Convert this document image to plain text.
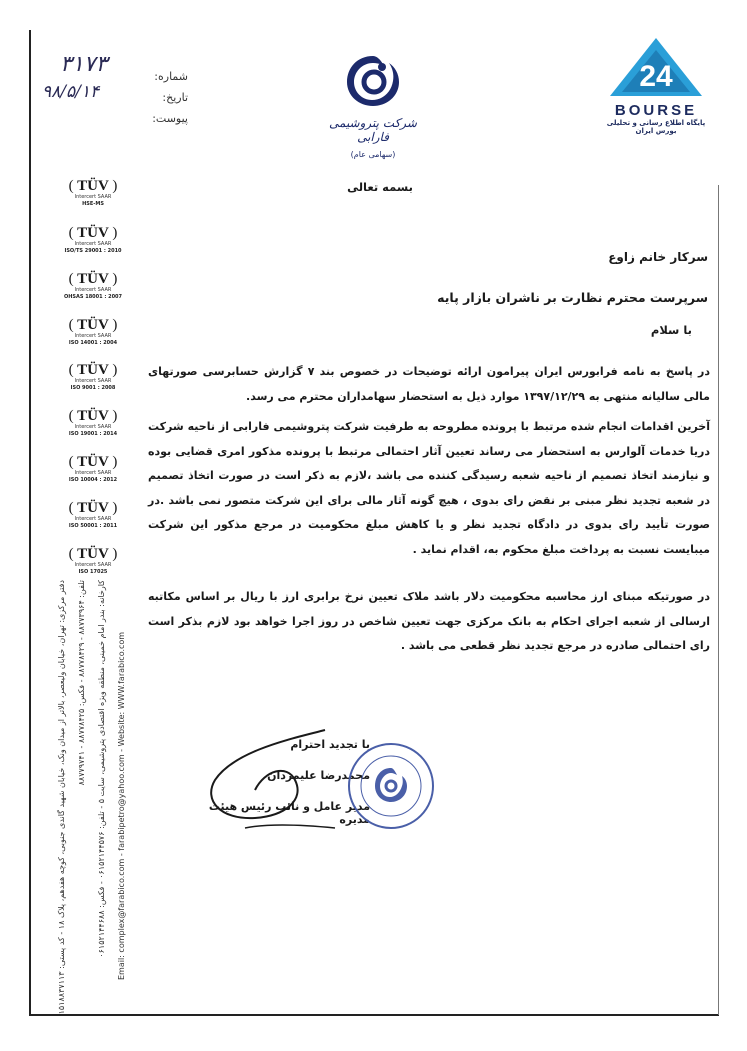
شماره:
تاریخ:
پیوست:
۳۱۷۳
۹۸/۵/۱۴
شرکت پتروشیمی فارابی
(سهامی عام)
24
BOURSE
پایگاه اطلاع رسانی و تحلیلی بورس ایران
( TÜV )
Intercert SAAR
HSE-MS
( TÜV )
Intercert SAAR
ISO/TS 29001 : 2010
( TÜV )
Intercert SAAR
OHSAS 18001 : 2007
( TÜV )
Intercert SAAR
ISO 14001 : 2004
( TÜV )
Intercert SAAR
ISO 9001 : 2008
( TÜV )
Intercert SAAR
ISO 19001 : 2014
( TÜV )
Intercert SAAR
ISO 10004 : 2012
( TÜV )
Intercert SAAR
ISO 50001 : 2011
( TÜV )
Intercert SAAR
ISO 17025
دفتر مرکزی: تهران، خیابان ولیعصر، بالاتر از میدان ونک، خیابان شهید گاندی جنوبی، کوچه هفدهم، پلاک ۱۸ - کد پستی: ۱۵۱۸۸۳۷۱۱۳	تلفن: ۸۸۷۷۳۹۶۴ - ۸۸۷۷۸۴۲۹ - فکس: ۸۸۷۷۸۴۲۵ - ۸۸۷۷۹۷۴۱
کارخانه: بندر امام خمینی، منطقه ویژه اقتصادی پتروشیمی، سایت ۵ - تلفن: ۰۶۱۵۲۱۴۴۵۷۶ - فکس: ۰۶۱۵۲۱۴۴۶۸۸	Email: complex@farabico.com - farabipetro@yahoo.com - Website: WWW.farabico.com
بسمه تعالی
سرکار خانم زاوع
سرپرست محترم نظارت بر ناشران بازار پایه
با سلام
در پاسخ به نامه فرابورس ایران پیرامون ارائه توضیحات در خصوص بند ۷ گزارش حسابرسی صورتهای مالی سالیانه منتهی به ۱۳۹۷/۱۲/۲۹ موارد ذیل به استحضار سهامداران محترم می رسد.
آخرین اقدامات انجام شده مرتبط با پرونده مطروحه به طرفیت شرکت پتروشیمی فارابی از ناحیه شرکت دریا خدمات آلوارس به استحضار می رساند تعیین آثار احتمالی مرتبط با پرونده مذکور امری قضایی بوده و نیازمند اتخاذ تصمیم از ناحیه شعبه رسیدگی کننده می باشد ،لازم به ذکر است در صورت اتخاذ تصمیم در شعبه تجدید نظر مبنی بر نقض رای بدوی ، هیچ گونه آثار مالی برای این شرکت متصور نمی باشد .در صورت تأیید رای بدوی در دادگاه تجدید نظر و یا کاهش مبلغ محکومیت در مرجع مذکور این شرکت میبایست نسبت به پرداخت مبلغ محکوم به، اقدام نماید .
در صورتیکه مبنای ارز محاسبه محکومیت دلار باشد ملاک تعیین نرخ برابری ارز با ریال بر اساس مکاتبه ارسالی از شعبه اجرای احکام به بانک مرکزی جهت تعیین شاخص در روز اجرا خواهد بود لازم بذکر است رای احتمالی صادره در مرجع تجدید نظر قطعی می باشد .
با تجدید احترام
محمدرضا علیمردان
مدیر عامل و نائب رئیس هیئت مدیره
